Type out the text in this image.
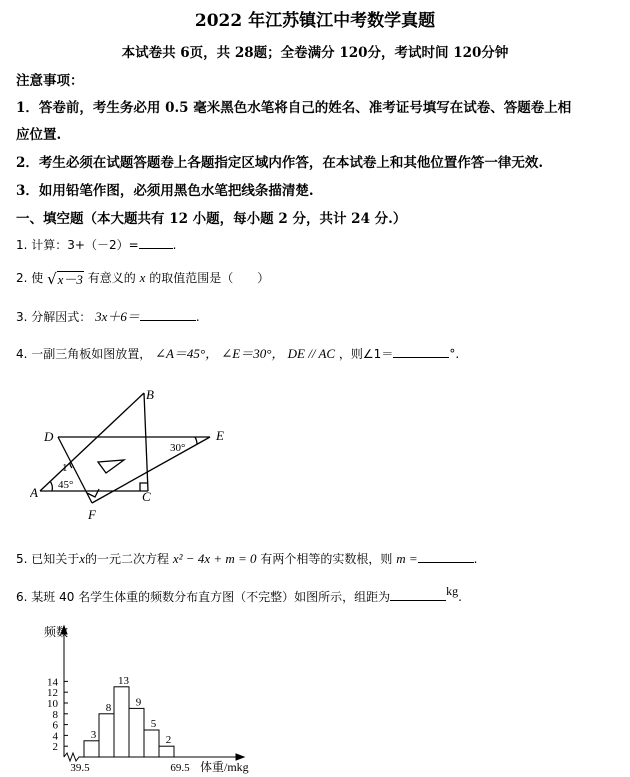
2022 年江苏镇江中考数学真题
本试卷共 6页，共 28题；全卷满分 120分，考试时间 120分钟
注意事项：
1．答卷前，考生务必用 0.5 毫米黑色水笔将自己的姓名、准考证号填写在试卷、答题卷上相
应位置.
2．考生必须在试题答题卷上各题指定区域内作答，在本试卷上和其他位置作答一律无效.
3．如用铅笔作图，必须用黑色水笔把线条描清楚.
一、填空题（本大题共有 12 小题，每小题 2 分，共计 24 分.）
1. 计算：3+（－2）=	.
2. 使 √x－3 有意义的 x 的取值范围是（　　）
3. 分解因式： 3x＋6＝	.
4. 一副三角板如图放置， ∠A＝45°， ∠E＝30°， DE // AC ，则∠1＝	°.
B
D	E
A	C
F
1
45°
30°
5. 已知关于x的一元二次方程 x² − 4x + m = 0 有两个相等的实数根，则 m =	.
6. 某班 40 名学生体重的频数分布直方图（不完整）如图所示，组距为	kg.
2
4
6
8
10
12
14
频数
3
8
13
9
5
2
39.5	69.5 体重/mkg
